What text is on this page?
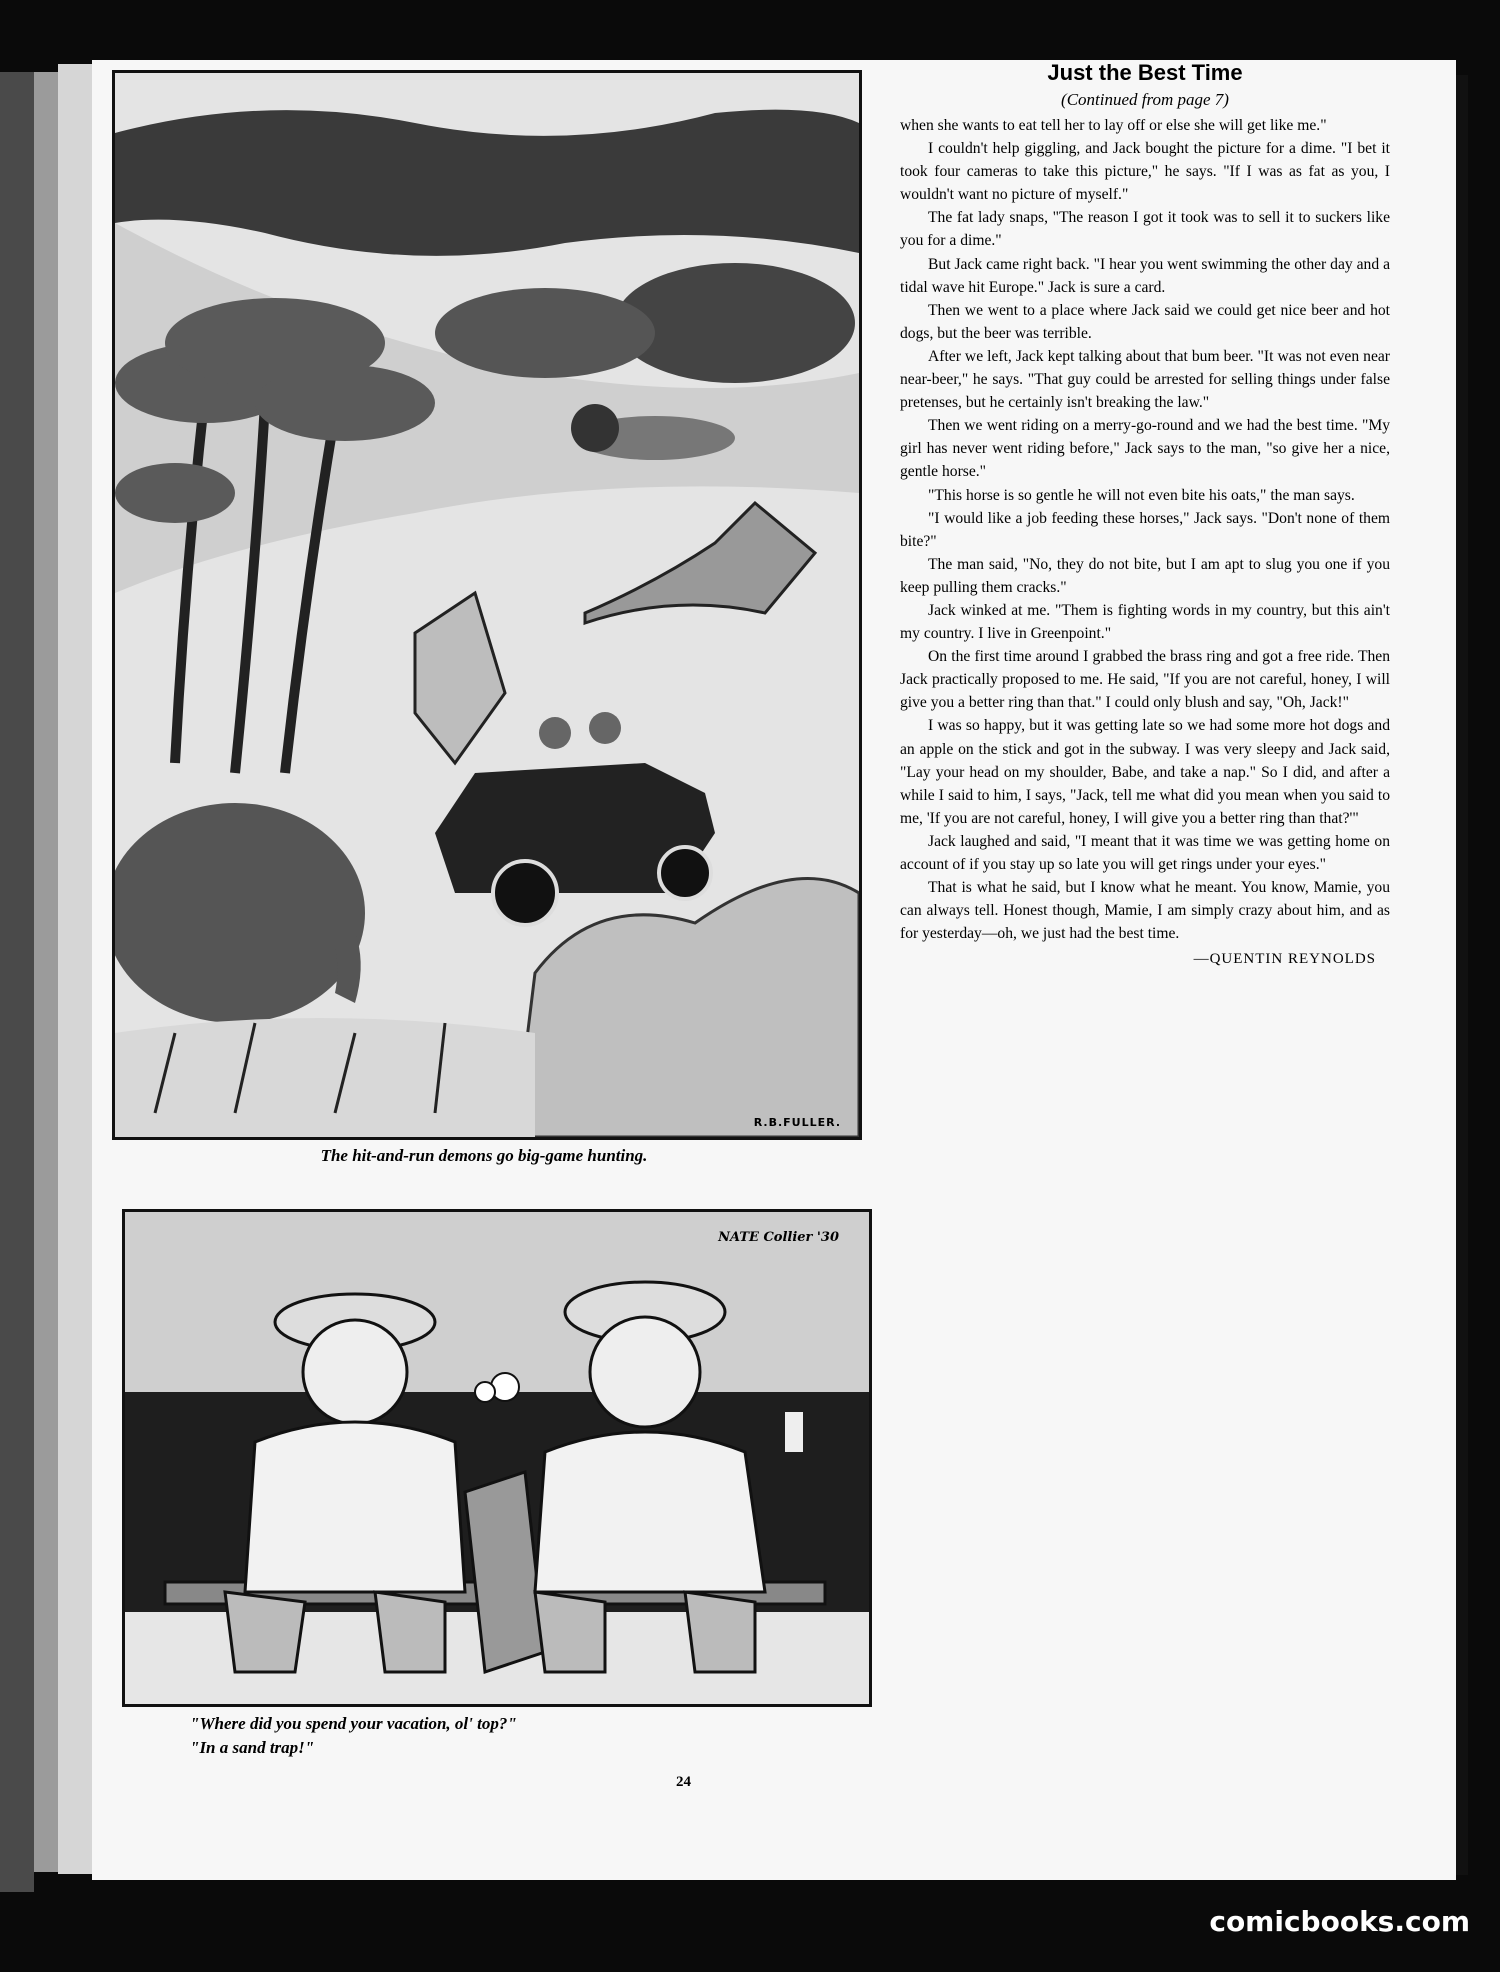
R.B.FULLER.
The hit-and-run demons go big-game hunting.
NATE Collier '30
"Where did you spend your vacation, ol' top?"
"In a sand trap!"
Just the Best Time
(Continued from page 7)

when she wants to eat tell her to lay off or else she will get like me."

I couldn't help giggling, and Jack bought the picture for a dime. "I bet it took four cameras to take this picture," he says. "If I was as fat as you, I wouldn't want no picture of myself."

The fat lady snaps, "The reason I got it took was to sell it to suckers like you for a dime."

But Jack came right back. "I hear you went swimming the other day and a tidal wave hit Europe." Jack is sure a card.

Then we went to a place where Jack said we could get nice beer and hot dogs, but the beer was terrible.

After we left, Jack kept talking about that bum beer. "It was not even near near-beer," he says. "That guy could be arrested for selling things under false pretenses, but he certainly isn't breaking the law."

Then we went riding on a merry-go-round and we had the best time. "My girl has never went riding before," Jack says to the man, "so give her a nice, gentle horse."

"This horse is so gentle he will not even bite his oats," the man says.

"I would like a job feeding these horses," Jack says. "Don't none of them bite?"

The man said, "No, they do not bite, but I am apt to slug you one if you keep pulling them cracks."

Jack winked at me. "Them is fighting words in my country, but this ain't my country. I live in Greenpoint."

On the first time around I grabbed the brass ring and got a free ride. Then Jack practically proposed to me. He said, "If you are not careful, honey, I will give you a better ring than that." I could only blush and say, "Oh, Jack!"

I was so happy, but it was getting late so we had some more hot dogs and an apple on the stick and got in the subway. I was very sleepy and Jack said, "Lay your head on my shoulder, Babe, and take a nap." So I did, and after a while I said to him, I says, "Jack, tell me what did you mean when you said to me, 'If you are not careful, honey, I will give you a better ring than that?'"

Jack laughed and said, "I meant that it was time we was getting home on account of if you stay up so late you will get rings under your eyes."

That is what he said, but I know what he meant. You know, Mamie, you can always tell. Honest though, Mamie, I am simply crazy about him, and as for yesterday—oh, we just had the best time.

—QUENTIN REYNOLDS
24
comicbooks.com
